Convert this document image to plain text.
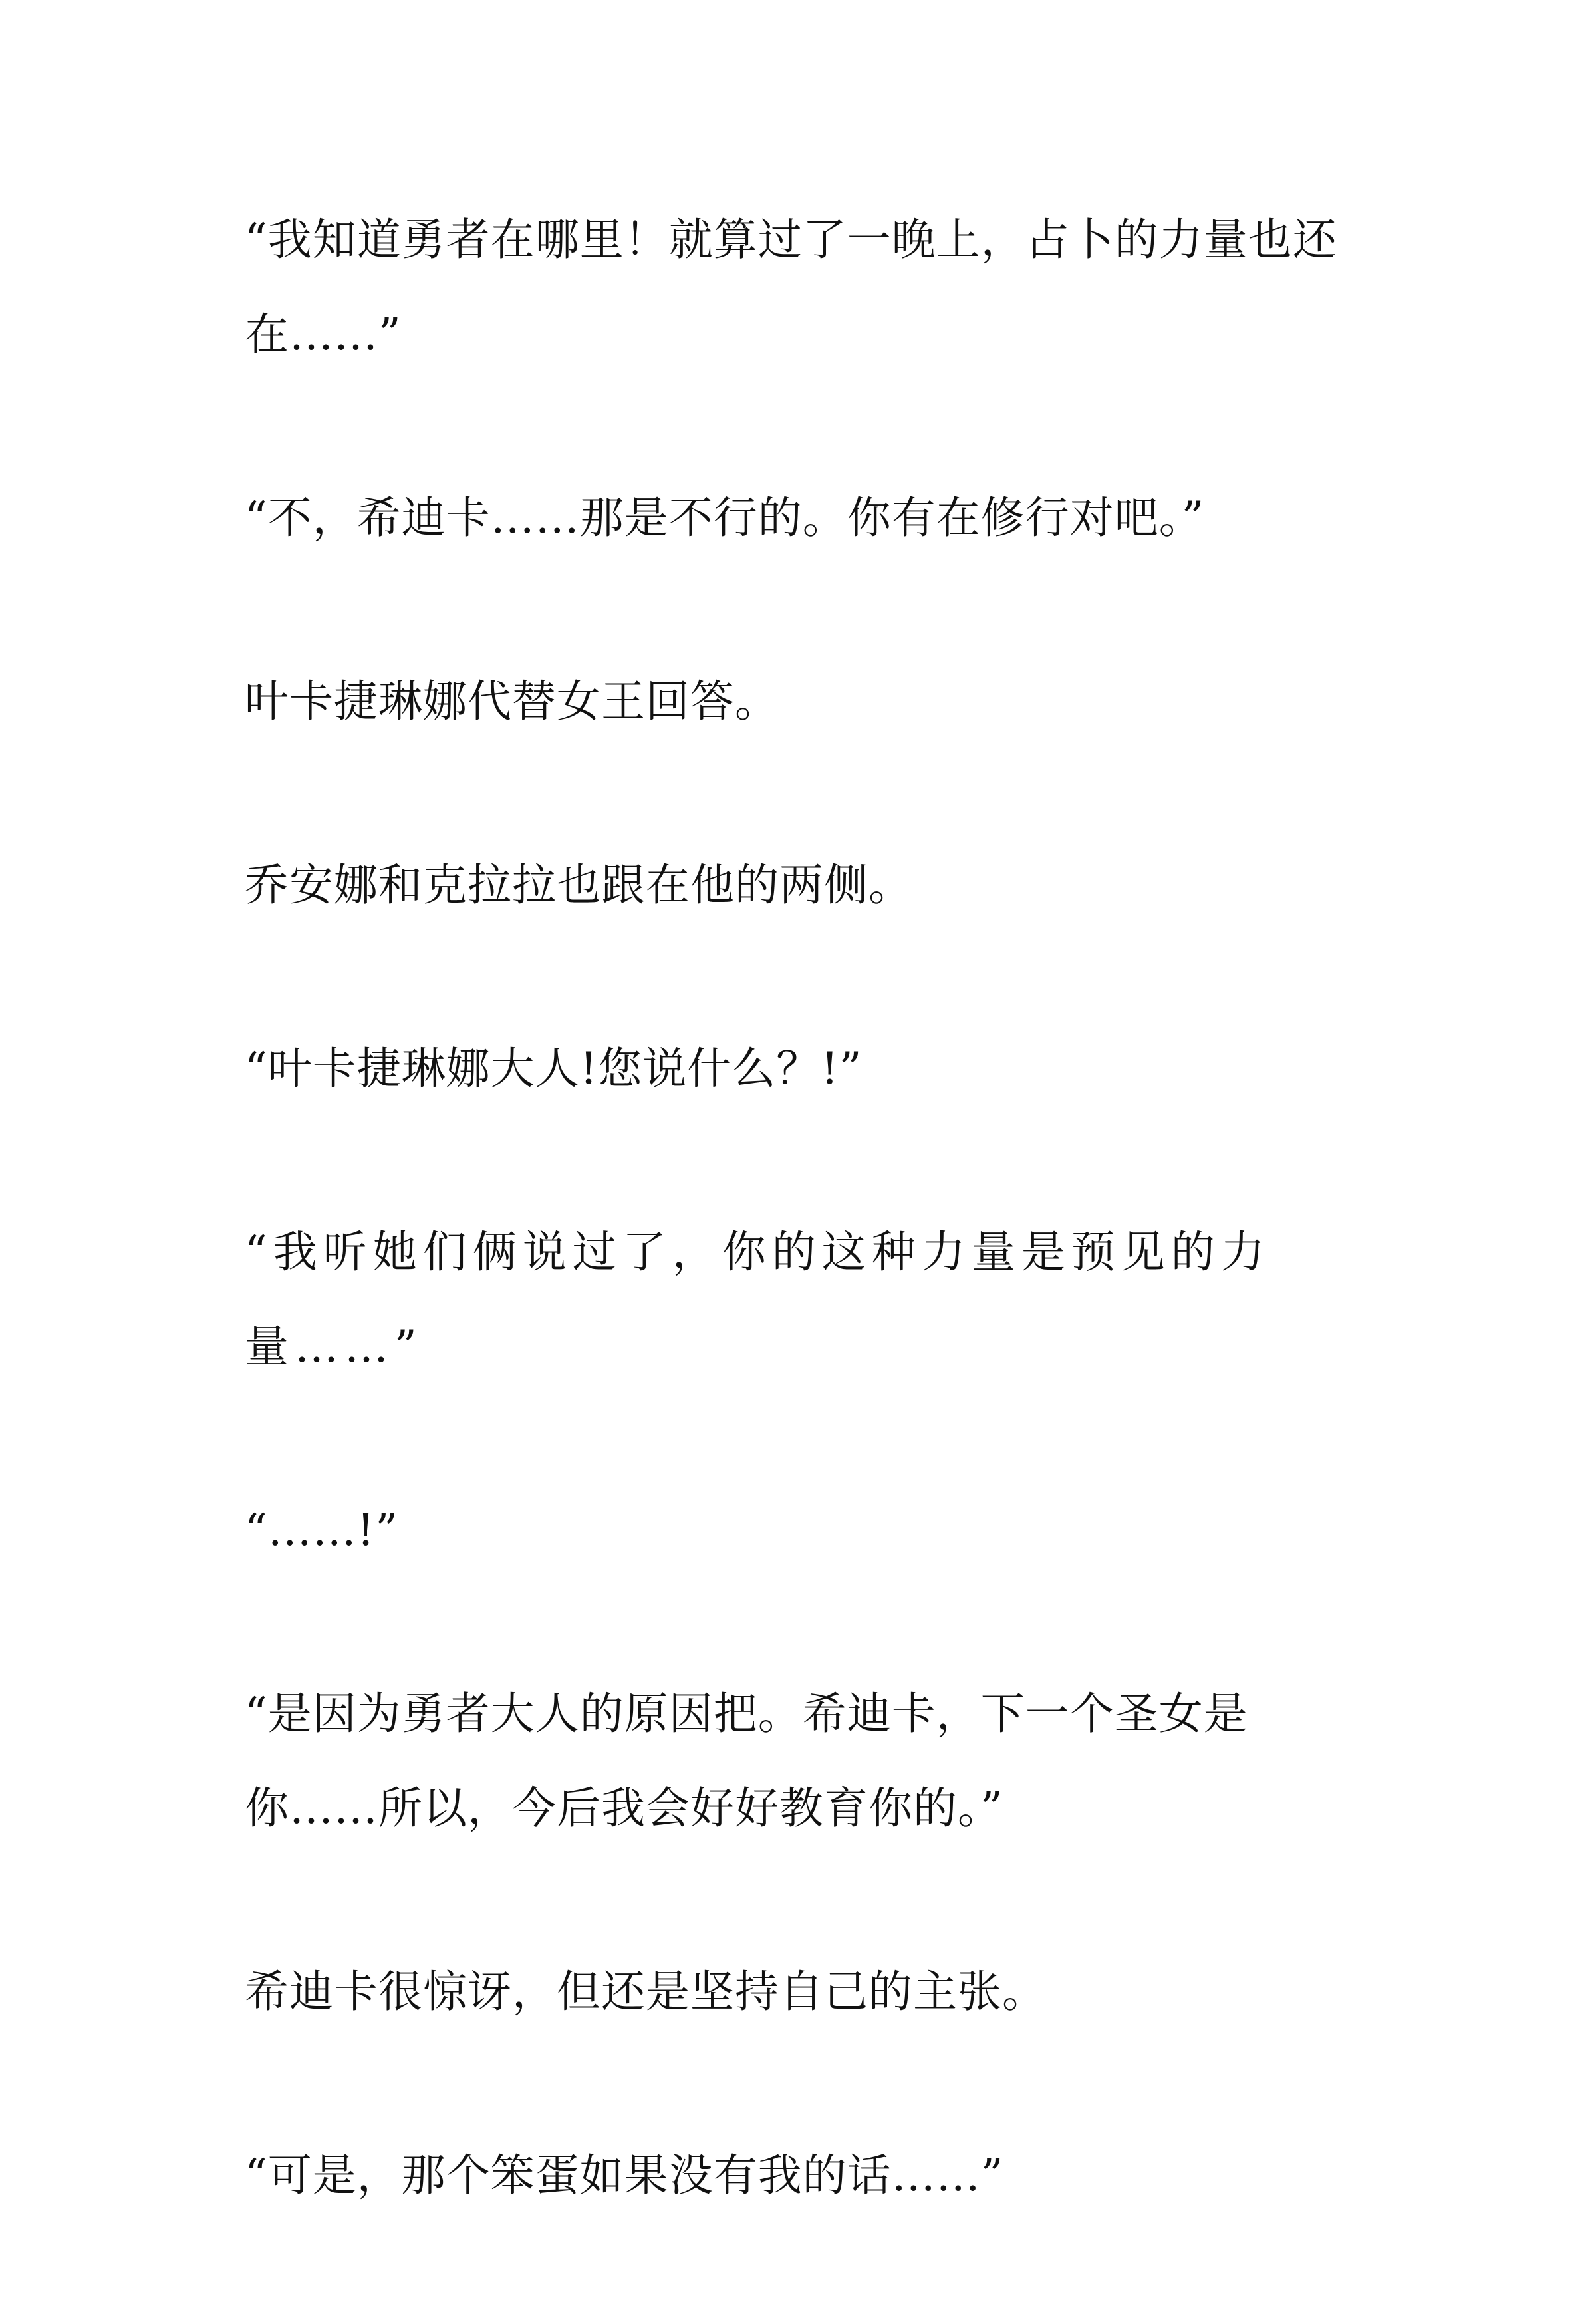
“我知道勇者在哪里！就算过了一晚上，占卜的力量也还在……”

“不，希迪卡……那是不行的。你有在修行对吧。”

叶卡捷琳娜代替女王回答。

乔安娜和克拉拉也跟在他的两侧。

“叶卡捷琳娜大人!您说什么？!”

“我听她们俩说过了，你的这种力量是预见的力量……”

“……!”

“是因为勇者大人的原因把。希迪卡，下一个圣女是你……所以，今后我会好好教育你的。”

希迪卡很惊讶，但还是坚持自己的主张。

“可是，那个笨蛋如果没有我的话……”
